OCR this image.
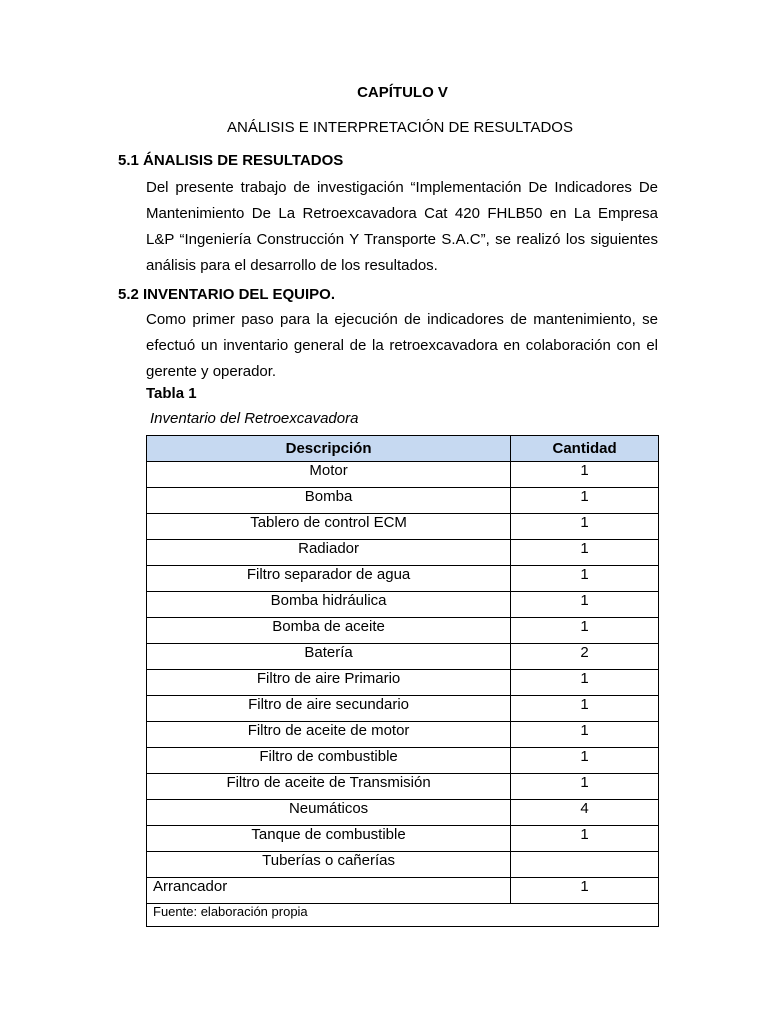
CAPÍTULO V
ANÁLISIS E INTERPRETACIÓN DE RESULTADOS
5.1 ÁNALISIS DE RESULTADOS

Del presente trabajo de investigación “Implementación De Indicadores De Mantenimiento De La Retroexcavadora Cat 420 FHLB50 en La Empresa L&P “Ingeniería Construcción Y Transporte S.A.C”, se realizó los siguientes análisis para el desarrollo de los resultados.

5.2 INVENTARIO DEL EQUIPO.

Como primer paso para la ejecución de indicadores de mantenimiento, se efectuó un inventario general de la retroexcavadora en colaboración con el gerente y operador.

Tabla 1
Inventario del Retroexcavadora
Descripción	Cantidad
Motor	1
Bomba	1
Tablero de control ECM	1
Radiador	1
Filtro separador de agua	1
Bomba hidráulica	1
Bomba de aceite	1
Batería	2
Filtro de aire Primario	1
Filtro de aire secundario	1
Filtro de aceite de motor	1
Filtro de combustible	1
Filtro de aceite de Transmisión	1
Neumáticos	4
Tanque de combustible	1
Tuberías o cañerías	
Arrancador	1
Fuente: elaboración propia	
